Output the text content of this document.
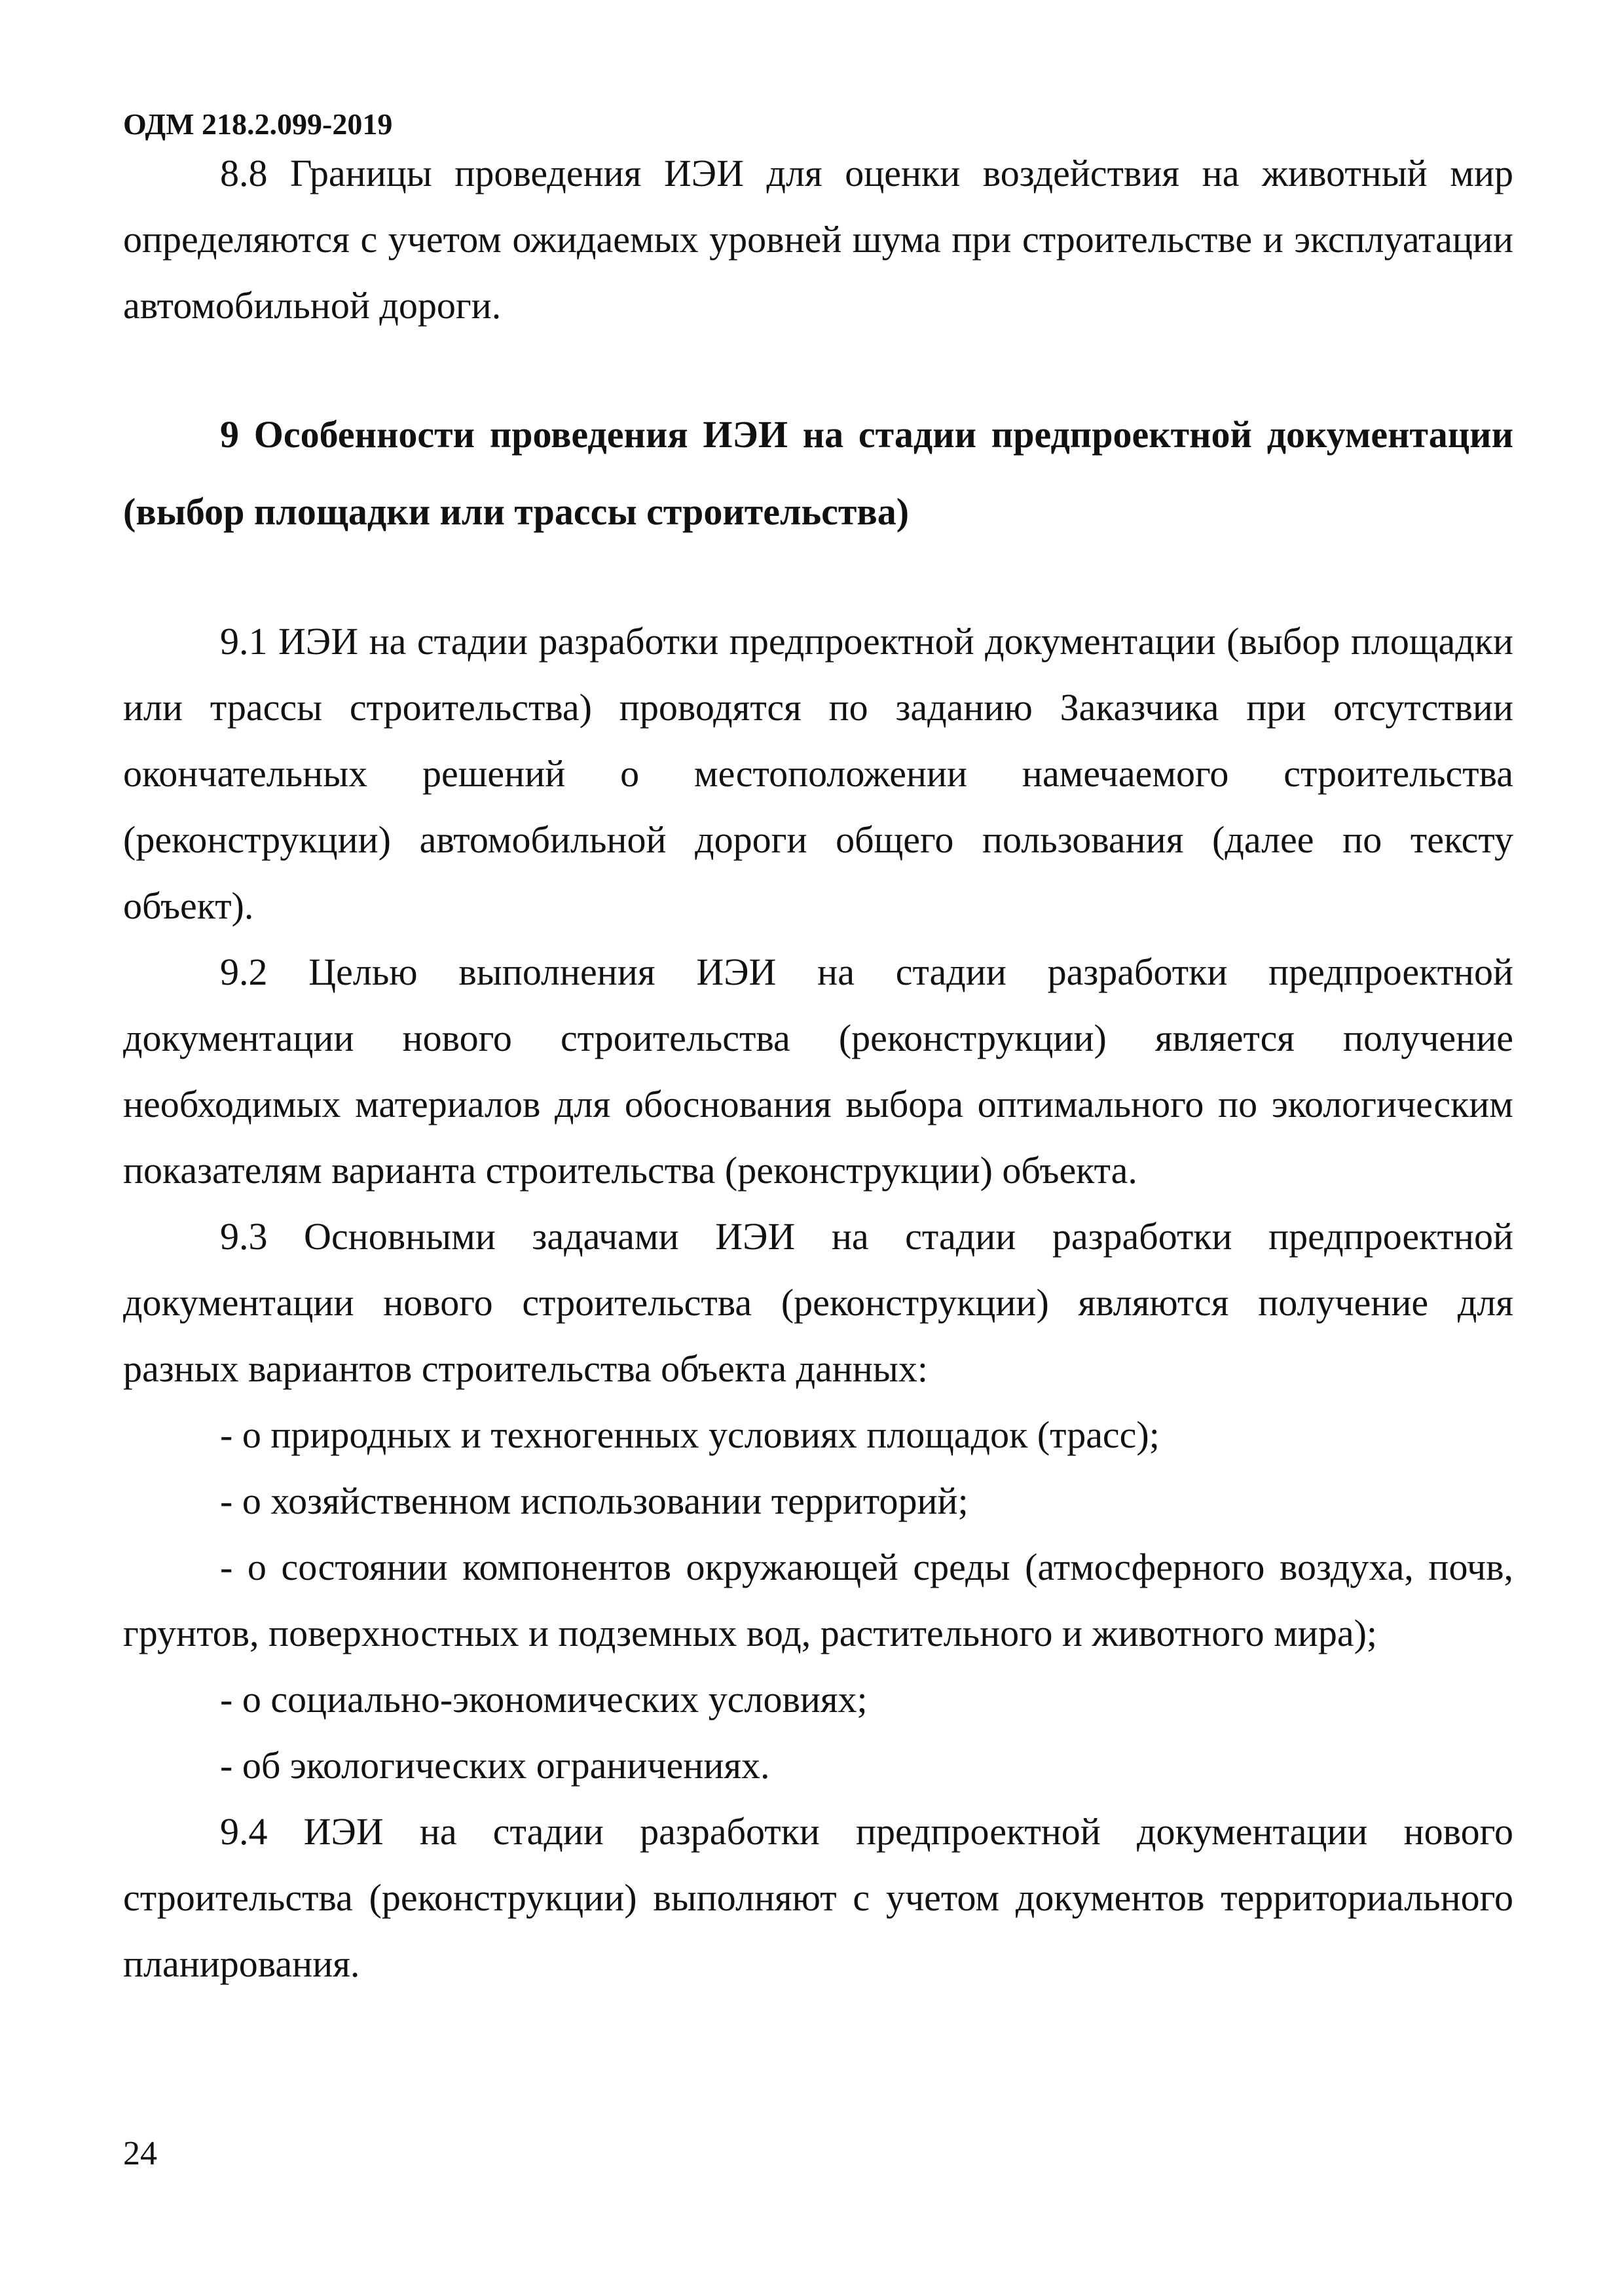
ОДМ 218.2.099-2019

8.8 Границы проведения ИЭИ для оценки воздействия на животный мир определяются с учетом ожидаемых уровней шума при строительстве и эксплуатации автомобильной дороги.

9 Особенности проведения ИЭИ на стадии предпроектной документации (выбор площадки или трассы строительства)

9.1 ИЭИ на стадии разработки предпроектной документации (выбор площадки или трассы строительства) проводятся по заданию Заказчика при отсутствии окончательных решений о местоположении намечаемого строительства (реконструкции) автомобильной дороги общего пользования (далее по тексту объект).

9.2 Целью выполнения ИЭИ на стадии разработки предпроектной документации нового строительства (реконструкции) является получение необходимых материалов для обоснования выбора оптимального по экологическим показателям варианта строительства (реконструкции) объекта.

9.3 Основными задачами ИЭИ на стадии разработки предпроектной документации нового строительства (реконструкции) являются получение для разных вариантов строительства объекта данных:

- о природных и техногенных условиях площадок (трасс);

- о хозяйственном использовании территорий;

- о состоянии компонентов окружающей среды (атмосферного воздуха, почв, грунтов, поверхностных и подземных вод, растительного и животного мира);

- о социально-экономических условиях;

- об экологических ограничениях.

9.4 ИЭИ на стадии разработки предпроектной документации нового строительства (реконструкции) выполняют с учетом документов территориального планирования.

24
